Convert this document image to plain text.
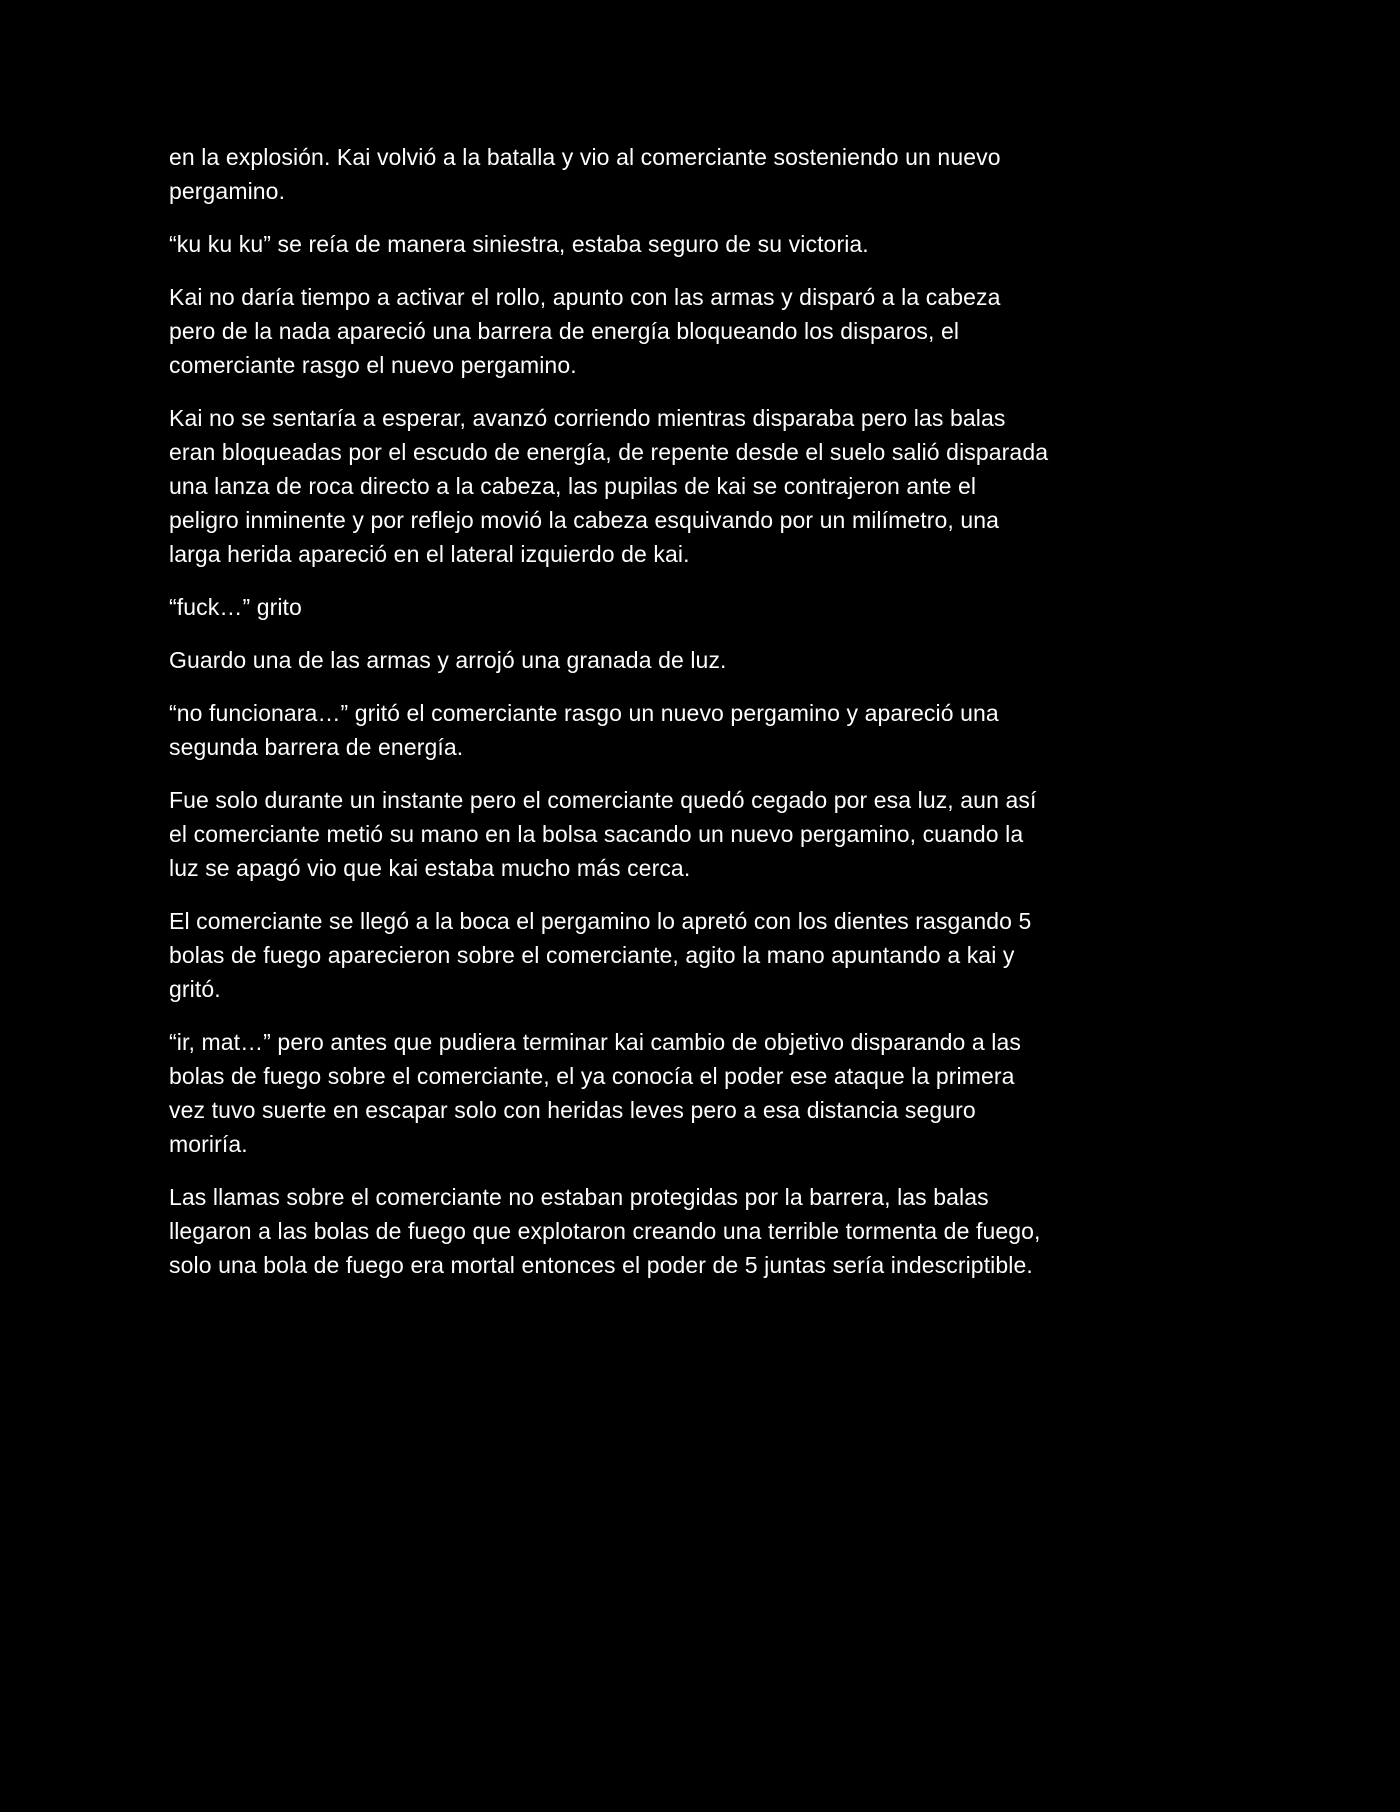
en la explosión. Kai volvió a la batalla y vio al comerciante sosteniendo un nuevo pergamino.

“ku ku ku” se reía de manera siniestra, estaba seguro de su victoria.

Kai no daría tiempo a activar el rollo, apunto con las armas y disparó a la cabeza pero de la nada apareció una barrera de energía bloqueando los disparos, el comerciante rasgo el nuevo pergamino.

Kai no se sentaría a esperar, avanzó corriendo mientras disparaba pero las balas eran bloqueadas por el escudo de energía, de repente desde el suelo salió disparada una lanza de roca directo a la cabeza, las pupilas de kai se contrajeron ante el peligro inminente y por reflejo movió la cabeza esquivando por un milímetro, una larga herida apareció en el lateral izquierdo de kai.

“fuck…” grito

Guardo una de las armas y arrojó una granada de luz.

“no funcionara…” gritó el comerciante rasgo un nuevo pergamino y apareció una segunda barrera de energía.

Fue solo durante un instante pero el comerciante quedó cegado por esa luz, aun así el comerciante metió su mano en la bolsa sacando un nuevo pergamino, cuando la luz se apagó vio que kai estaba mucho más cerca.

El comerciante se llegó a la boca el pergamino lo apretó con los dientes rasgando 5 bolas de fuego aparecieron sobre el comerciante, agito la mano apuntando a kai y gritó.

“ir, mat…” pero antes que pudiera terminar kai cambio de objetivo disparando a las bolas de fuego sobre el comerciante, el ya conocía el poder ese ataque la primera vez tuvo suerte en escapar solo con heridas leves pero a esa distancia seguro moriría.

Las llamas sobre el comerciante no estaban protegidas por la barrera, las balas llegaron a las bolas de fuego que explotaron creando una terrible tormenta de fuego, solo una bola de fuego era mortal entonces el poder de 5 juntas sería indescriptible.
